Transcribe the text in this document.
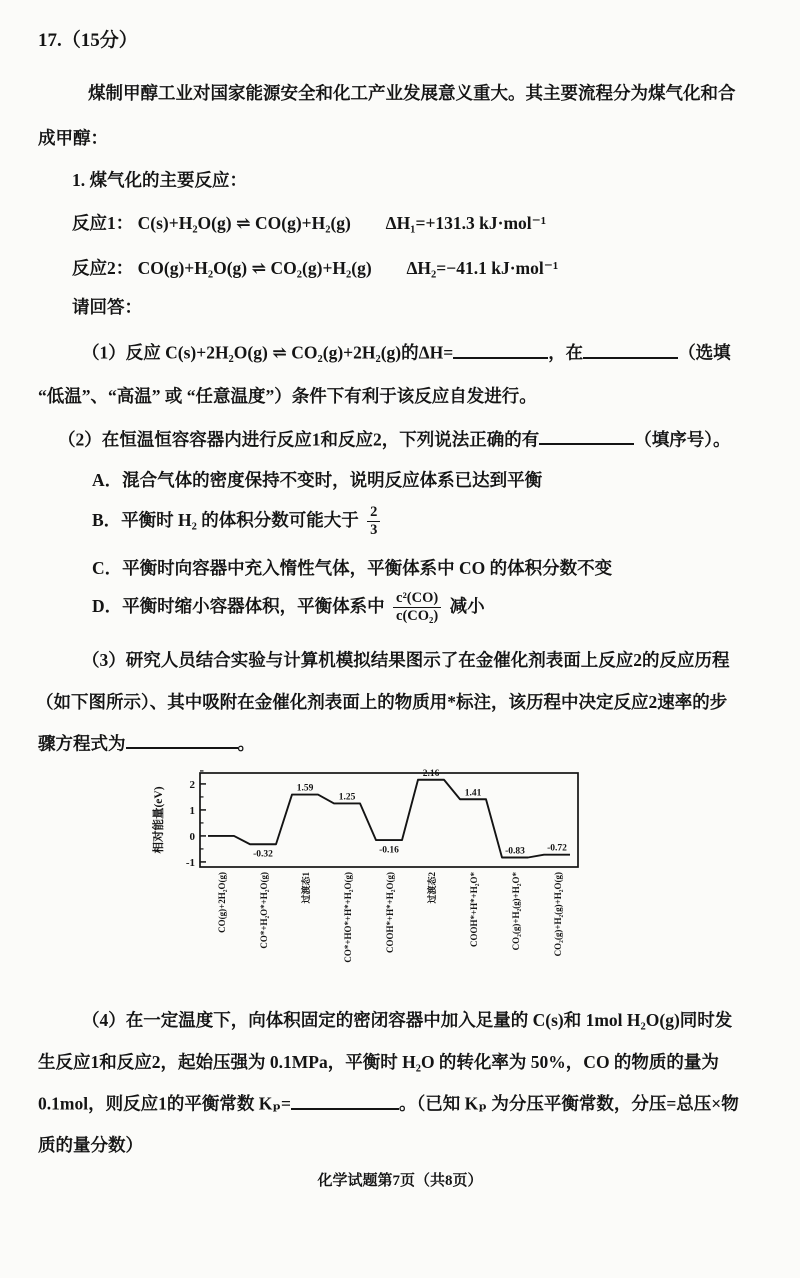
17.（15分）
煤制甲醇工业对国家能源安全和化工产业发展意义重大。其主要流程分为煤气化和合
成甲醇：
1. 煤气化的主要反应：
反应1： C(s)+H₂O(g) ⇌ CO(g)+H₂(g) ΔH₁=+131.3 kJ·mol⁻¹
反应2： CO(g)+H₂O(g) ⇌ CO₂(g)+H₂(g) ΔH₂=−41.1 kJ·mol⁻¹
请回答：
（1）反应 C(s)+2H₂O(g) ⇌ CO₂(g)+2H₂(g)的ΔH=	，在	（选填
“低温”、“高温” 或 “任意温度”）条件下有利于该反应自发进行。
（2）在恒温恒容容器内进行反应1和反应2，下列说法正确的有	（填序号）。
A．混合气体的密度保持不变时，说明反应体系已达到平衡
B．平衡时 H₂ 的体积分数可能大于 $\frac{2}{3}$
C．平衡时向容器中充入惰性气体，平衡体系中 CO 的体积分数不变
D．平衡时缩小容器体积，平衡体系中 $\frac{\text{c²(CO)}}{\text{c(CO₂)}}$ 减小
（3）研究人员结合实验与计算机模拟结果图示了在金催化剂表面上反应2的反应历程
（如下图所示）、其中吸附在金催化剂表面上的物质用*标注，该历程中决定反应2速率的步
骤方程式为	。
2
1
0
-1
相对能量(eV)
CO(g)+2H₂O(g)
-0.32
CO*+H₂O*+H₂O(g)
1.59
过渡态1
1.25
CO*+HO*+H*+H₂O(g)
-0.16
COOH*+H*+H₂O(g)
2.16
过渡态2
1.41
COOH*+H*+H₂O*
-0.83
CO₂(g)+H₂(g)+H₂O*
-0.72
CO₂(g)+H₂(g)+H₂O(g)
（4）在一定温度下，向体积固定的密闭容器中加入足量的 C(s)和 1mol H₂O(g)同时发
生反应1和反应2，起始压强为 0.1MPa，平衡时 H₂O 的转化率为 50%，CO 的物质的量为
0.1mol，则反应1的平衡常数 Kₚ=	。（已知 Kₚ 为分压平衡常数，分压=总压×物
质的量分数）
化学试题第7页（共8页）
